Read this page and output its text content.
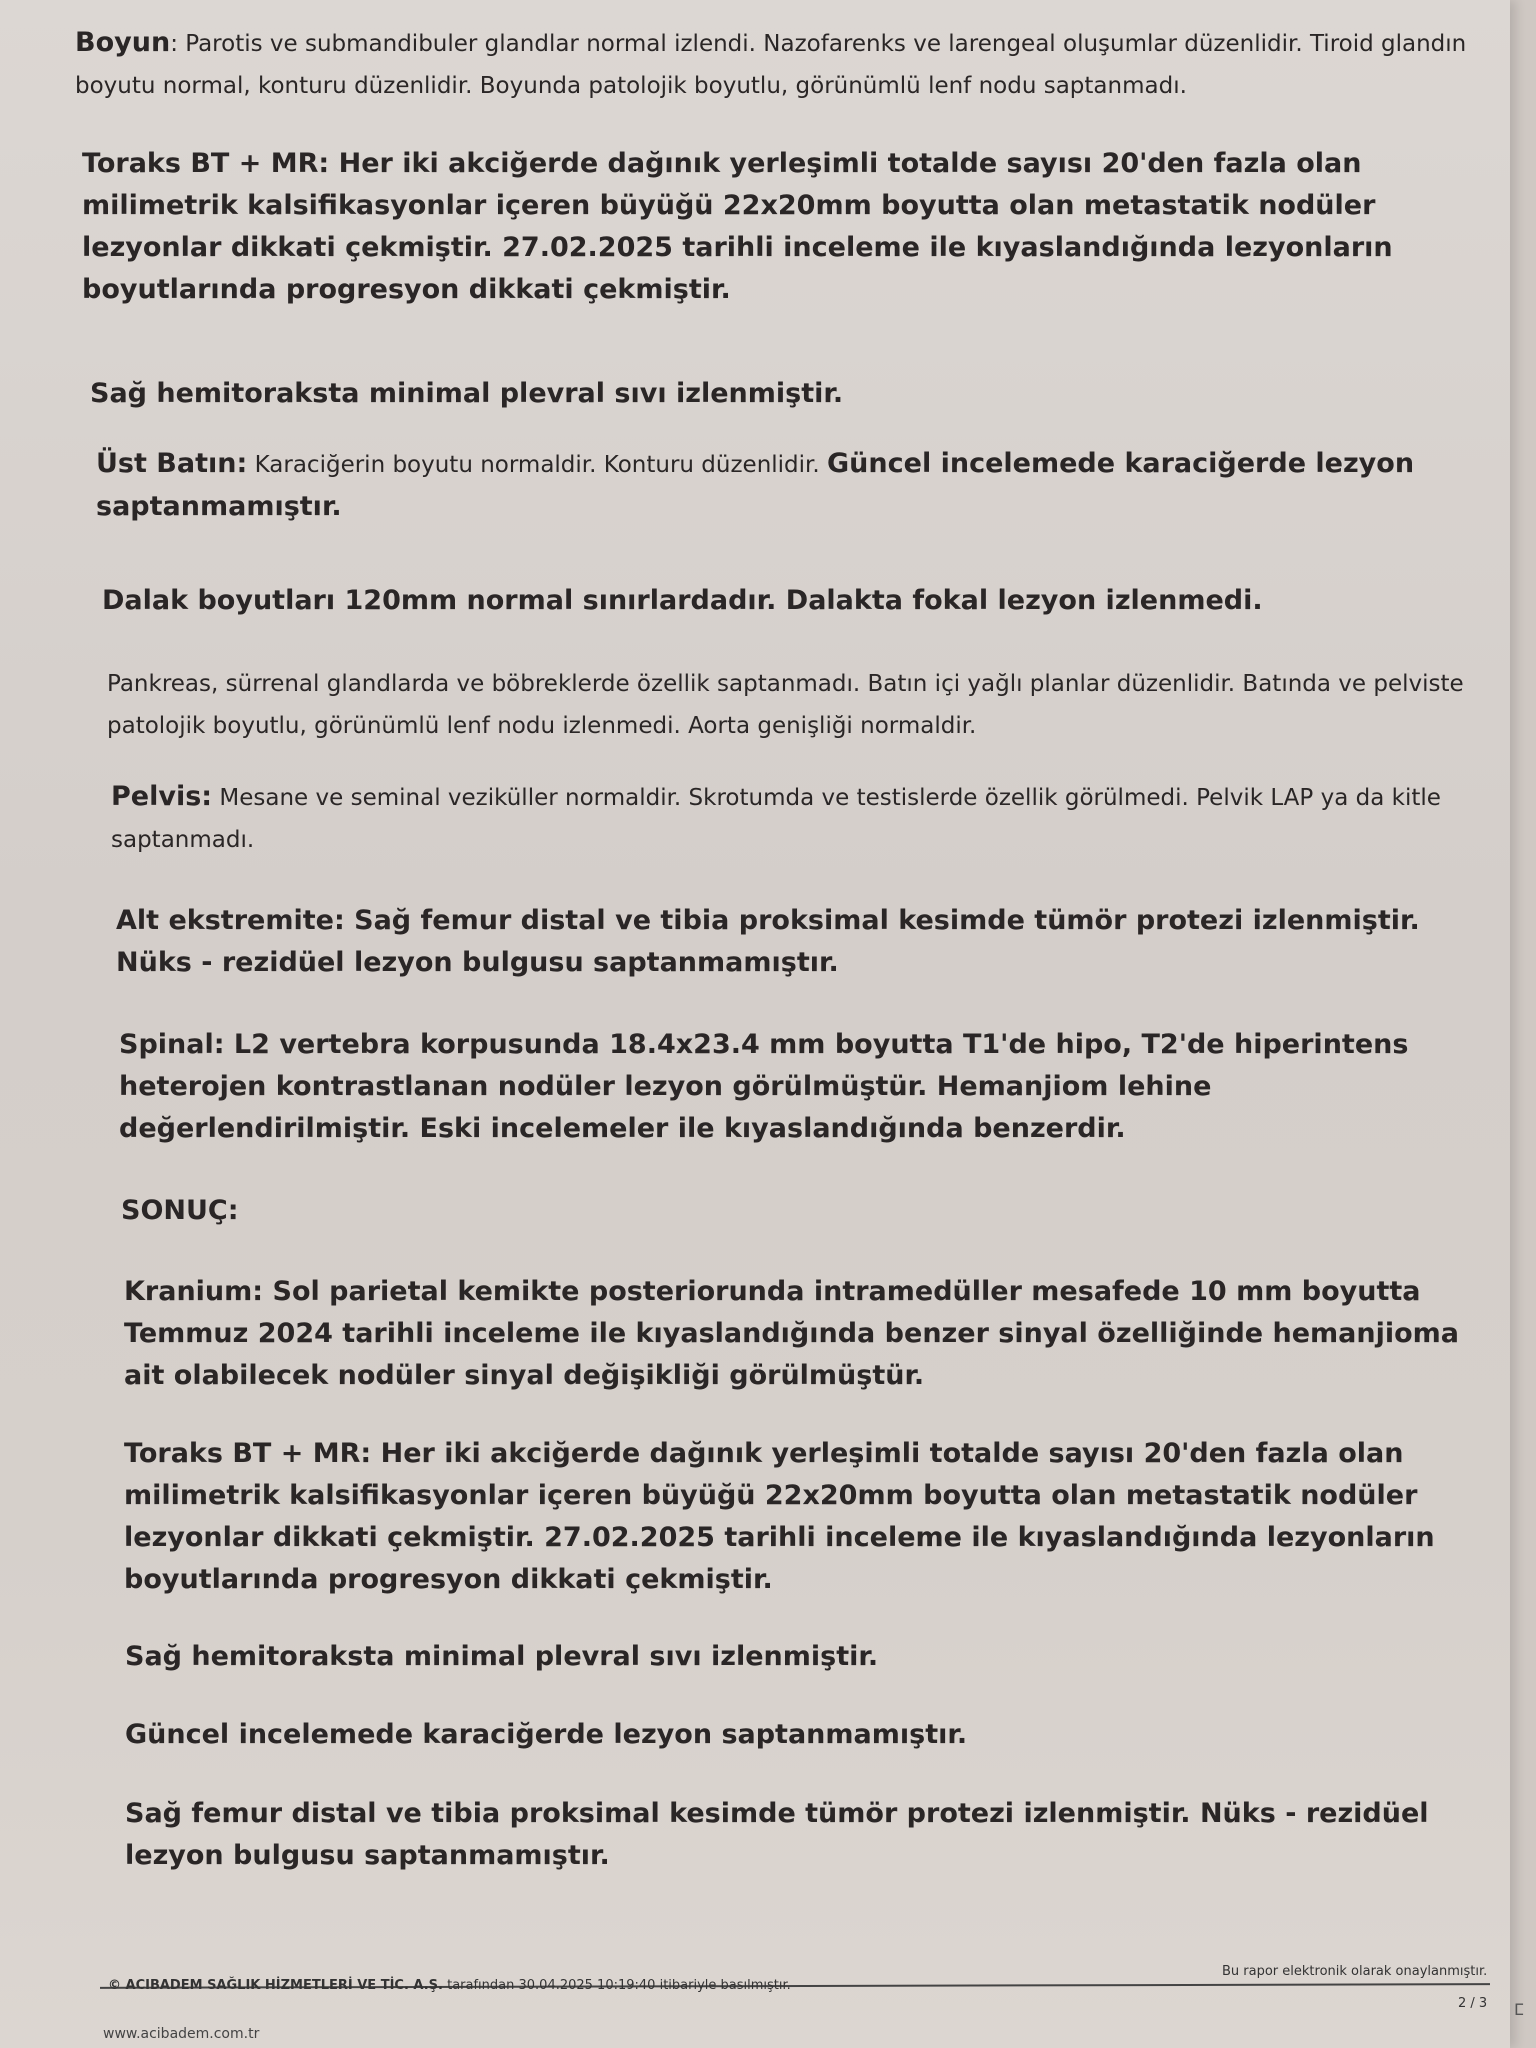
Boyun: Parotis ve submandibuler glandlar normal izlendi. Nazofarenks ve larengeal oluşumlar düzenlidir. Tiroid glandın boyutu normal, konturu düzenlidir. Boyunda patolojik boyutlu, görünümlü lenf nodu saptanmadı.

Toraks BT + MR: Her iki akciğerde dağınık yerleşimli totalde sayısı 20'den fazla olan milimetrik kalsifikasyonlar içeren büyüğü 22x20mm boyutta olan metastatik nodüler lezyonlar dikkati çekmiştir. 27.02.2025 tarihli inceleme ile kıyaslandığında lezyonların boyutlarında progresyon dikkati çekmiştir.

Sağ hemitoraksta minimal plevral sıvı izlenmiştir.

Üst Batın: Karaciğerin boyutu normaldir. Konturu düzenlidir. Güncel incelemede karaciğerde lezyon saptanmamıştır.

Dalak boyutları 120mm normal sınırlardadır. Dalakta fokal lezyon izlenmedi.

Pankreas, sürrenal glandlarda ve böbreklerde özellik saptanmadı. Batın içi yağlı planlar düzenlidir. Batında ve pelviste patolojik boyutlu, görünümlü lenf nodu izlenmedi. Aorta genişliği normaldir.

Pelvis: Mesane ve seminal veziküller normaldir. Skrotumda ve testislerde özellik görülmedi. Pelvik LAP ya da kitle saptanmadı.

Alt ekstremite: Sağ femur distal ve tibia proksimal kesimde tümör protezi izlenmiştir. Nüks - rezidüel lezyon bulgusu saptanmamıştır.

Spinal: L2 vertebra korpusunda 18.4x23.4 mm boyutta T1'de hipo, T2'de hiperintens heterojen kontrastlanan nodüler lezyon görülmüştür. Hemanjiom lehine değerlendirilmiştir. Eski incelemeler ile kıyaslandığında benzerdir.

SONUÇ:

Kranium: Sol parietal kemikte posteriorunda intramedüller mesafede 10 mm boyutta Temmuz 2024 tarihli inceleme ile kıyaslandığında benzer sinyal özelliğinde hemanjioma ait olabilecek nodüler sinyal değişikliği görülmüştür.

Toraks BT + MR: Her iki akciğerde dağınık yerleşimli totalde sayısı 20'den fazla olan milimetrik kalsifikasyonlar içeren büyüğü 22x20mm boyutta olan metastatik nodüler lezyonlar dikkati çekmiştir. 27.02.2025 tarihli inceleme ile kıyaslandığında lezyonların boyutlarında progresyon dikkati çekmiştir.

Sağ hemitoraksta minimal plevral sıvı izlenmiştir.

Güncel incelemede karaciğerde lezyon saptanmamıştır.

Sağ femur distal ve tibia proksimal kesimde tümör protezi izlenmiştir. Nüks - rezidüel lezyon bulgusu saptanmamıştır.

© ACIBADEM SAĞLIK HİZMETLERİ VE TİC. A.Ş. tarafından 30.04.2025 10:19:40 itibariyle basılmıştır.
Bu rapor elektronik olarak onaylanmıştır.
2 / 3
www.acibadem.com.tr
ⵎ
